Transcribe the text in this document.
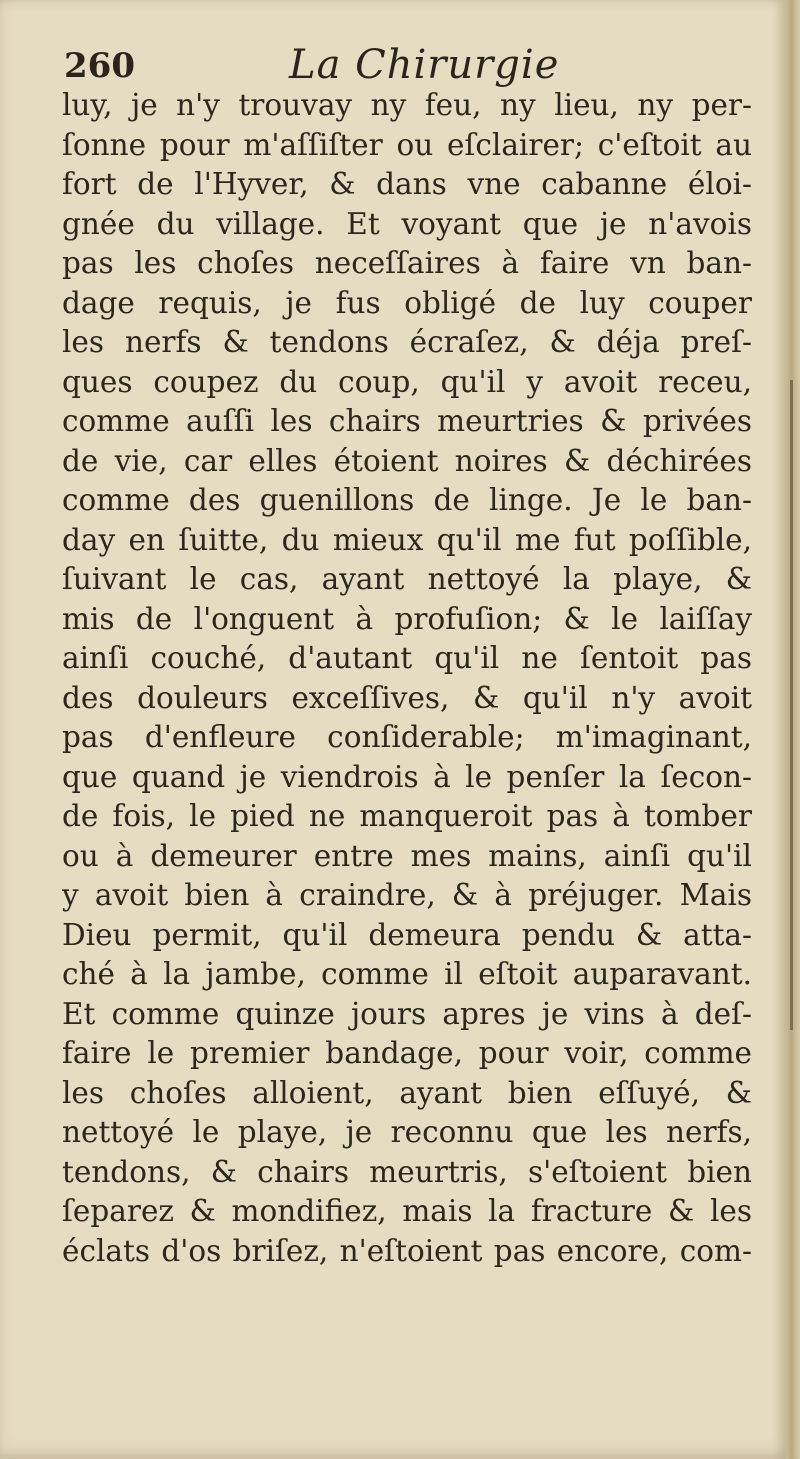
260	La Chirurgie
luy, je n'y trouvay ny feu, ny lieu, ny per-
ſonne pour m'aſſiſter ou eſclairer; c'eſtoit au
fort de l'Hyver, & dans vne cabanne éloi-
gnée du village. Et voyant que je n'avois
pas les choſes neceſſaires à faire vn ban-
dage requis, je fus obligé de luy couper
les nerfs & tendons écraſez, & déja preſ-
ques coupez du coup, qu'il y avoit receu,
comme auſſi les chairs meurtries & privées
de vie, car elles étoient noires & déchirées
comme des guenillons de linge. Je le ban-
day en ſuitte, du mieux qu'il me fut poſſible,
ſuivant le cas, ayant nettoyé la playe, &
mis de l'onguent à profuſion; & le laiſſay
ainſi couché, d'autant qu'il ne ſentoit pas
des douleurs exceſſives, & qu'il n'y avoit
pas d'enfleure conſiderable; m'imaginant,
que quand je viendrois à le penſer la ſecon-
de fois, le pied ne manqueroit pas à tomber
ou à demeurer entre mes mains, ainſi qu'il
y avoit bien à craindre, & à préjuger. Mais
Dieu permit, qu'il demeura pendu & atta-
ché à la jambe, comme il eſtoit auparavant.
Et comme quinze jours apres je vins à deſ-
faire le premier bandage, pour voir, comme
les choſes alloient, ayant bien eſſuyé, &
nettoyé le playe, je reconnu que les nerfs,
tendons, & chairs meurtris, s'eſtoient bien
ſeparez & mondifiez, mais la fracture & les
éclats d'os briſez, n'eſtoient pas encore, com-
